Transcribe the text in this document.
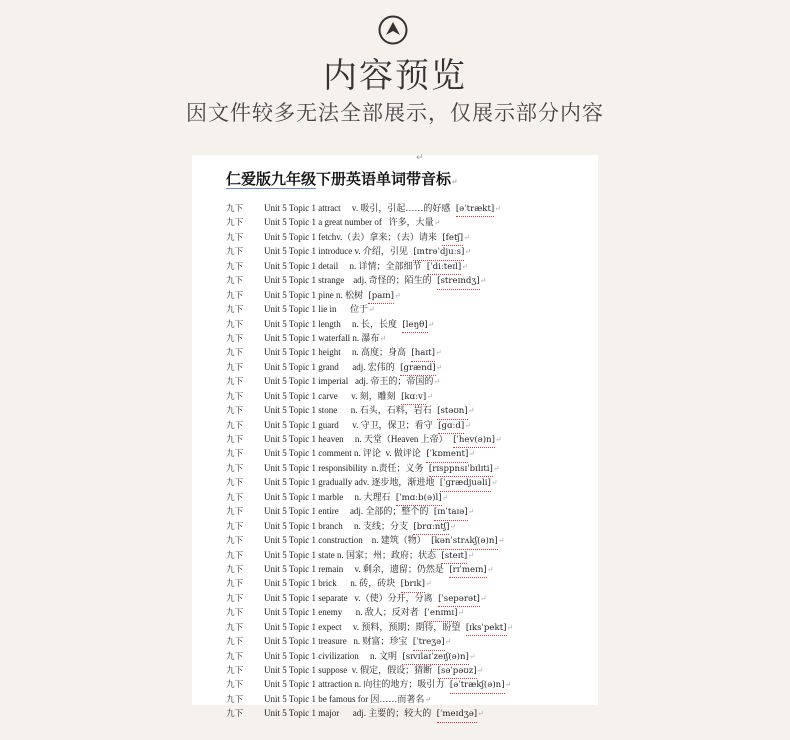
内容预览
因文件较多无法全部展示，仅展示部分内容
↵
仁爱版九年级下册英语单词带音标↵
九下 Unit 5 Topic 1 attract     v. 吸引，引起……的好感 [əˈtrækt]↵
九下 Unit 5 Topic 1 a great number of   许多，大量↵
九下 Unit 5 Topic 1 fetchv.（去）拿来；（去）请来 [fetʃ]↵
九下 Unit 5 Topic 1 introduce v. 介绍，引见 [ɪntrəˈdjuːs]↵
九下 Unit 5 Topic 1 detail     n. 详情；全部细节 [ˈdiːteɪl]↵
九下 Unit 5 Topic 1 strange    adj. 奇怪的；陌生的 [streɪndʒ]↵
九下 Unit 5 Topic 1 pine n. 松树 [paɪn]↵
九下 Unit 5 Topic 1 lie in      位于↵
九下 Unit 5 Topic 1 length     n. 长，长度 [leŋθ]↵
九下 Unit 5 Topic 1 waterfall n. 瀑布↵
九下 Unit 5 Topic 1 height     n. 高度；身高 [haɪt]↵
九下 Unit 5 Topic 1 grand      adj. 宏伟的 [grænd]↵
九下 Unit 5 Topic 1 imperial   adj. 帝王的；帝国的↵
九下 Unit 5 Topic 1 carve      v. 刻，雕刻 [kɑːv]↵
九下 Unit 5 Topic 1 stone      n. 石头，石料，岩石 [stəʊn]↵
九下 Unit 5 Topic 1 guard      v. 守卫，保卫；看守 [ɡɑːd]↵
九下 Unit 5 Topic 1 heaven     n. 天堂（Heaven 上帝） [ˈhev(ə)n]↵
九下 Unit 5 Topic 1 comment n. 评论  v. 做评论 [ˈkɒment]↵
九下 Unit 5 Topic 1 responsibility  n.责任；义务 [rɪsppnsɪˈbɪlɪti]↵
九下 Unit 5 Topic 1 gradually adv. 逐步地，渐进地 [ˈɡrædjuəli]↵
九下 Unit 5 Topic 1 marble     n. 大理石 [ˈmɑːb(ə)l]↵
九下 Unit 5 Topic 1 entire     adj. 全部的；整个的 [ɪnˈtaɪə]↵
九下 Unit 5 Topic 1 branch     n. 支线；分支 [brɑːntʃ]↵
九下 Unit 5 Topic 1 construction    n. 建筑（物） [kənˈstrʌkʃ(ə)n]↵
九下 Unit 5 Topic 1 state n. 国家；州；政府；状态 [steɪt]↵
九下 Unit 5 Topic 1 remain     v. 剩余，遗留；仍然是 [rɪˈmeɪn]↵
九下 Unit 5 Topic 1 brick      n. 砖，砖块 [brɪk]↵
九下 Unit 5 Topic 1 separate   v.（使）分开，分离 [ˈsepərət]↵
九下 Unit 5 Topic 1 enemy      n. 敌人；反对者 [ˈenɪmɪ]↵
九下 Unit 5 Topic 1 expect     v. 预料，预期；期待，盼望 [ɪksˈpekt]↵
九下 Unit 5 Topic 1 treasure   n. 财富；珍宝 [ˈtreʒə]↵
九下 Unit 5 Topic 1 civilization     n. 文明 [sɪvɪlaɪˈzeɪʃ(ə)n]↵
九下 Unit 5 Topic 1 suppose  v. 假定，假设；猜断 [səˈpəʊz]↵
九下 Unit 5 Topic 1 attraction n. 向往的地方；吸引力 [əˈtrækʃ(ə)n]↵
九下 Unit 5 Topic 1 be famous for 因……而著名↵
九下 Unit 5 Topic 1 major      adj. 主要的；较大的 [ˈmeɪdʒə]↵
